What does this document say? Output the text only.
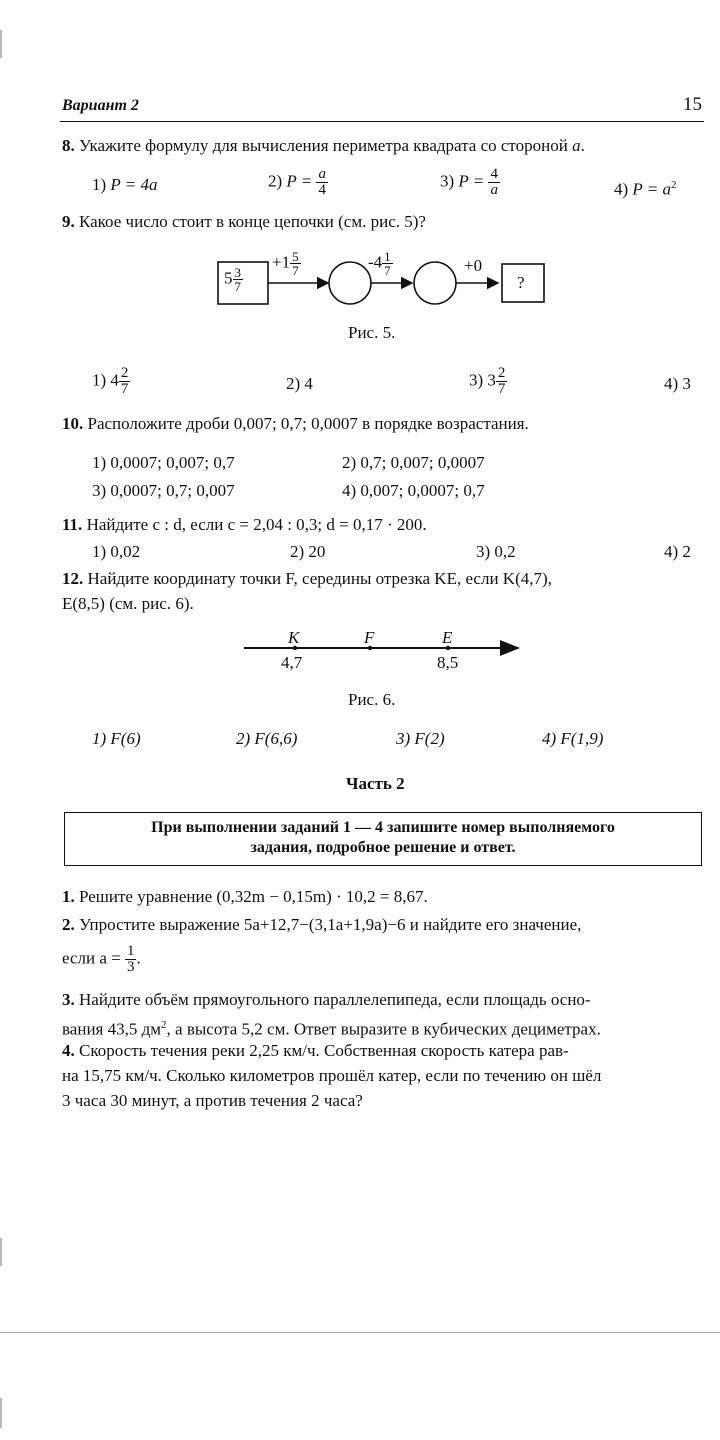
Вариант 2	15
8. Укажите формулу для вычисления периметра квадрата со стороной a.
1) P = 4a	2) $P = \frac{a}{4}$	3) $P = \frac{4}{a}$	4) $P = a^2$
9. Какое число стоит в конце цепочки (см. рис. 5)?
$5 \frac{3}{7}$
$+1 \frac{5}{7}$	$-4 \frac{1}{7}$	+0
?
Рис. 5.
1) $4 \frac{2}{7}$	2) 4	3) $3 \frac{2}{7}$	4) 3
10. Расположите дроби 0,007; 0,7; 0,0007 в порядке возрастания.
1) 0,0007; 0,007; 0,7	2) 0,7; 0,007; 0,0007
3) 0,0007; 0,7; 0,007	4) 0,007; 0,0007; 0,7
11. Найдите c : d, если c = 2,04 : 0,3; d = 0,17 · 200.
1) 0,02	2) 20	3) 0,2	4) 2
12. Найдите координату точки F, середины отрезка KE, если K(4,7),
E(8,5) (см. рис. 6).
K	F	E
4,7	8,5
Рис. 6.
1) F(6)	2) F(6,6)	3) F(2)	4) F(1,9)
Часть 2
При выполнении заданий 1 — 4 запишите номер выполняемого
задания, подробное решение и ответ.
1. Решите уравнение (0,32m − 0,15m) · 10,2 = 8,67.
2. Упростите выражение 5a+12,7−(3,1a+1,9a)−6 и найдите его значение,
если $a = \frac{1}{3}$ .
3. Найдите объём прямоугольного параллелепипеда, если площадь осно-
вания 43,5 $дм^2$, а высота 5,2 см. Ответ выразите в кубических дециметрах.
4. Скорость течения реки 2,25 км/ч. Собственная скорость катера рав-
на 15,75 км/ч. Сколько километров прошёл катер, если по течению он шёл
3 часа 30 минут, а против течения 2 часа?
